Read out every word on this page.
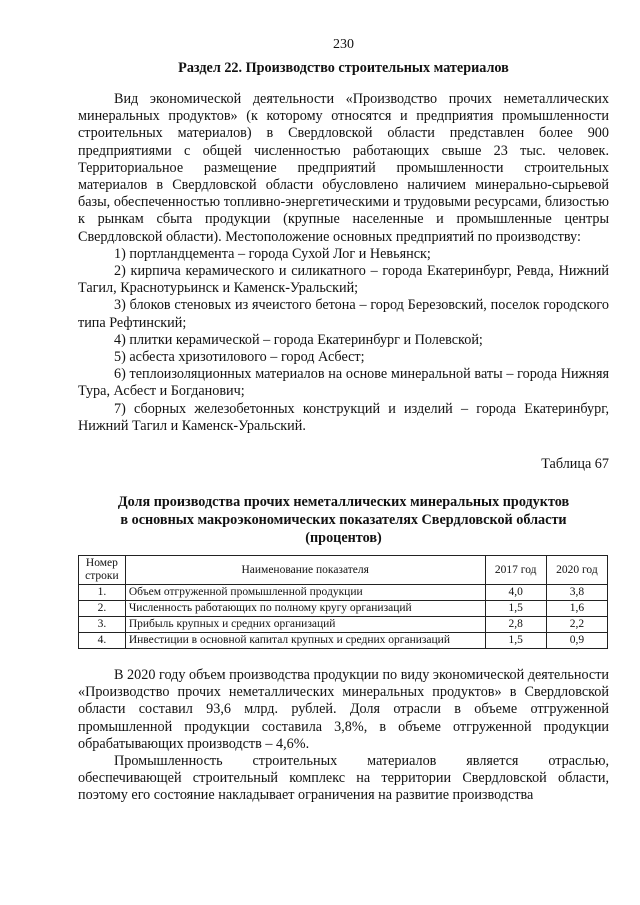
230
Раздел 22. Производство строительных материалов

Вид экономической деятельности «Производство прочих неметаллических минеральных продуктов» (к которому относятся и предприятия промышленности строительных материалов) в Свердловской области представлен более 900 предприятиями с общей численностью работающих свыше 23 тыс. человек. Территориальное размещение предприятий промышленности строительных материалов в Свердловской области обусловлено наличием минерально-сырьевой базы, обеспеченностью топливно-энергетическими и трудовыми ресурсами, близостью к рынкам сбыта продукции (крупные населенные и промышленные центры Свердловской области). Местоположение основных предприятий по производству:

1) портландцемента – города Сухой Лог и Невьянск;

2) кирпича керамического и силикатного – города Екатеринбург, Ревда, Нижний Тагил, Краснотурьинск и Каменск-Уральский;

3) блоков стеновых из ячеистого бетона – город Березовский, поселок городского типа Рефтинский;

4) плитки керамической – города Екатеринбург и Полевской;

5) асбеста хризотилового – город Асбест;

6) теплоизоляционных материалов на основе минеральной ваты – города Нижняя Тура, Асбест и Богданович;

7) сборных железобетонных конструкций и изделий – города Екатеринбург, Нижний Тагил и Каменск-Уральский.

Таблица 67
Доля производства прочих неметаллических минеральных продуктов
в основных макроэкономических показателях Свердловской области
(процентов)
Номер строки	Наименование показателя	2017 год	2020 год
1.	Объем отгруженной промышленной продукции	4,0	3,8
2.	Численность работающих по полному кругу организаций	1,5	1,6
3.	Прибыль крупных и средних организаций	2,8	2,2
4.	Инвестиции в основной капитал крупных и средних организаций	1,5	0,9

В 2020 году объем производства продукции по виду экономической деятельности «Производство прочих неметаллических минеральных продуктов» в Свердловской области составил 93,6 млрд. рублей. Доля отрасли в объеме отгруженной промышленной продукции составила 3,8%, в объеме отгруженной продукции обрабатывающих производств – 4,6%.

Промышленность строительных материалов является отраслью, обеспечивающей строительный комплекс на территории Свердловской области, поэтому его состояние накладывает ограничения на развитие производства
